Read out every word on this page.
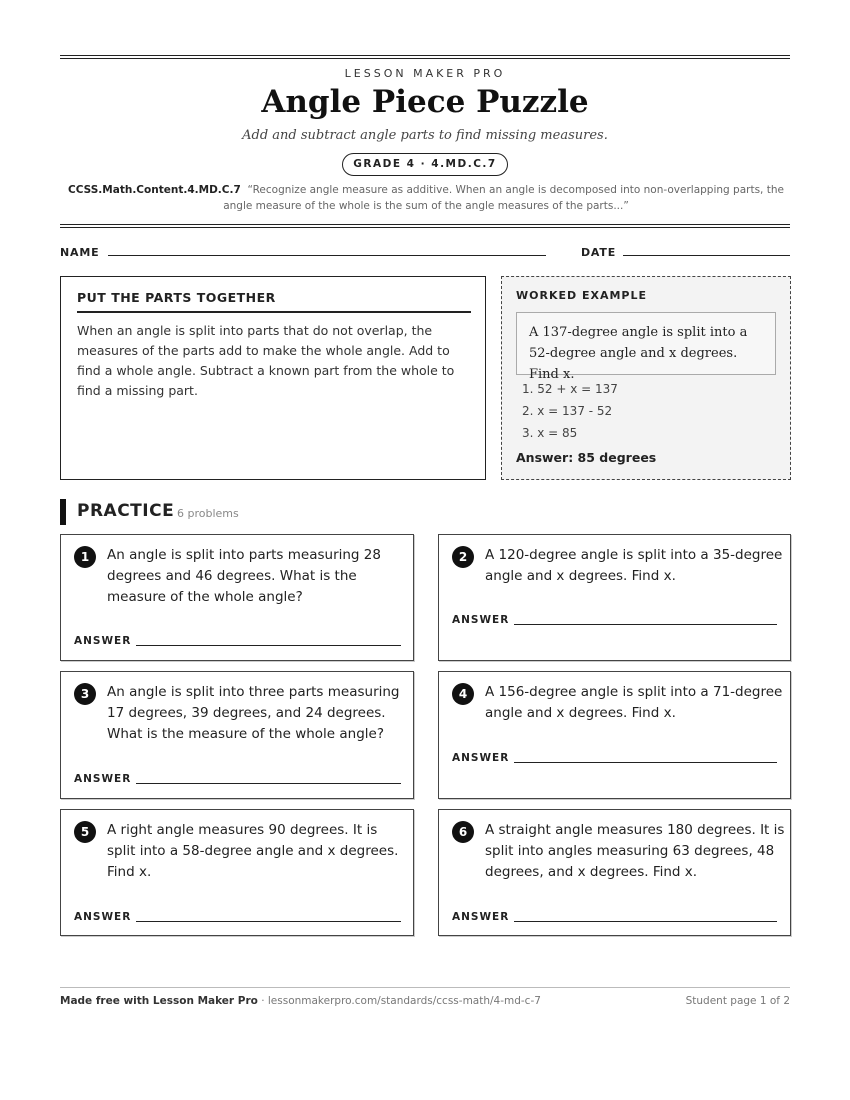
LESSON MAKER PRO
Angle Piece Puzzle
Add and subtract angle parts to find missing measures.
GRADE 4 · 4.MD.C.7
CCSS.Math.Content.4.MD.C.7 “Recognize angle measure as additive. When an angle is decomposed into non-overlapping parts, the angle measure of the whole is the sum of the angle measures of the parts...”
NAME	DATE
PUT THE PARTS TOGETHER

When an angle is split into parts that do not overlap, the measures of the parts add to make the whole angle. Add to find a whole angle. Subtract a known part from the whole to find a missing part.

WORKED EXAMPLE
A 137-degree angle is split into a 52-degree angle and x degrees. Find x.
1. 52 + x = 137
2. x = 137 - 52
3. x = 85
Answer: 85 degrees
PRACTICE 6 problems
1	An angle is split into parts measuring 28 degrees and 46 degrees. What is the measure of the whole angle?
ANSWER
2	A 120-degree angle is split into a 35-degree angle and x degrees. Find x.
ANSWER
3	An angle is split into three parts measuring 17 degrees, 39 degrees, and 24 degrees. What is the measure of the whole angle?
ANSWER
4	A 156-degree angle is split into a 71-degree angle and x degrees. Find x.
ANSWER
5	A right angle measures 90 degrees. It is split into a 58-degree angle and x degrees. Find x.
ANSWER
6	A straight angle measures 180 degrees. It is split into angles measuring 63 degrees, 48 degrees, and x degrees. Find x.
ANSWER
Made free with Lesson Maker Pro · lessonmakerpro.com/standards/ccss-math/4-md-c-7	Student page 1 of 2
